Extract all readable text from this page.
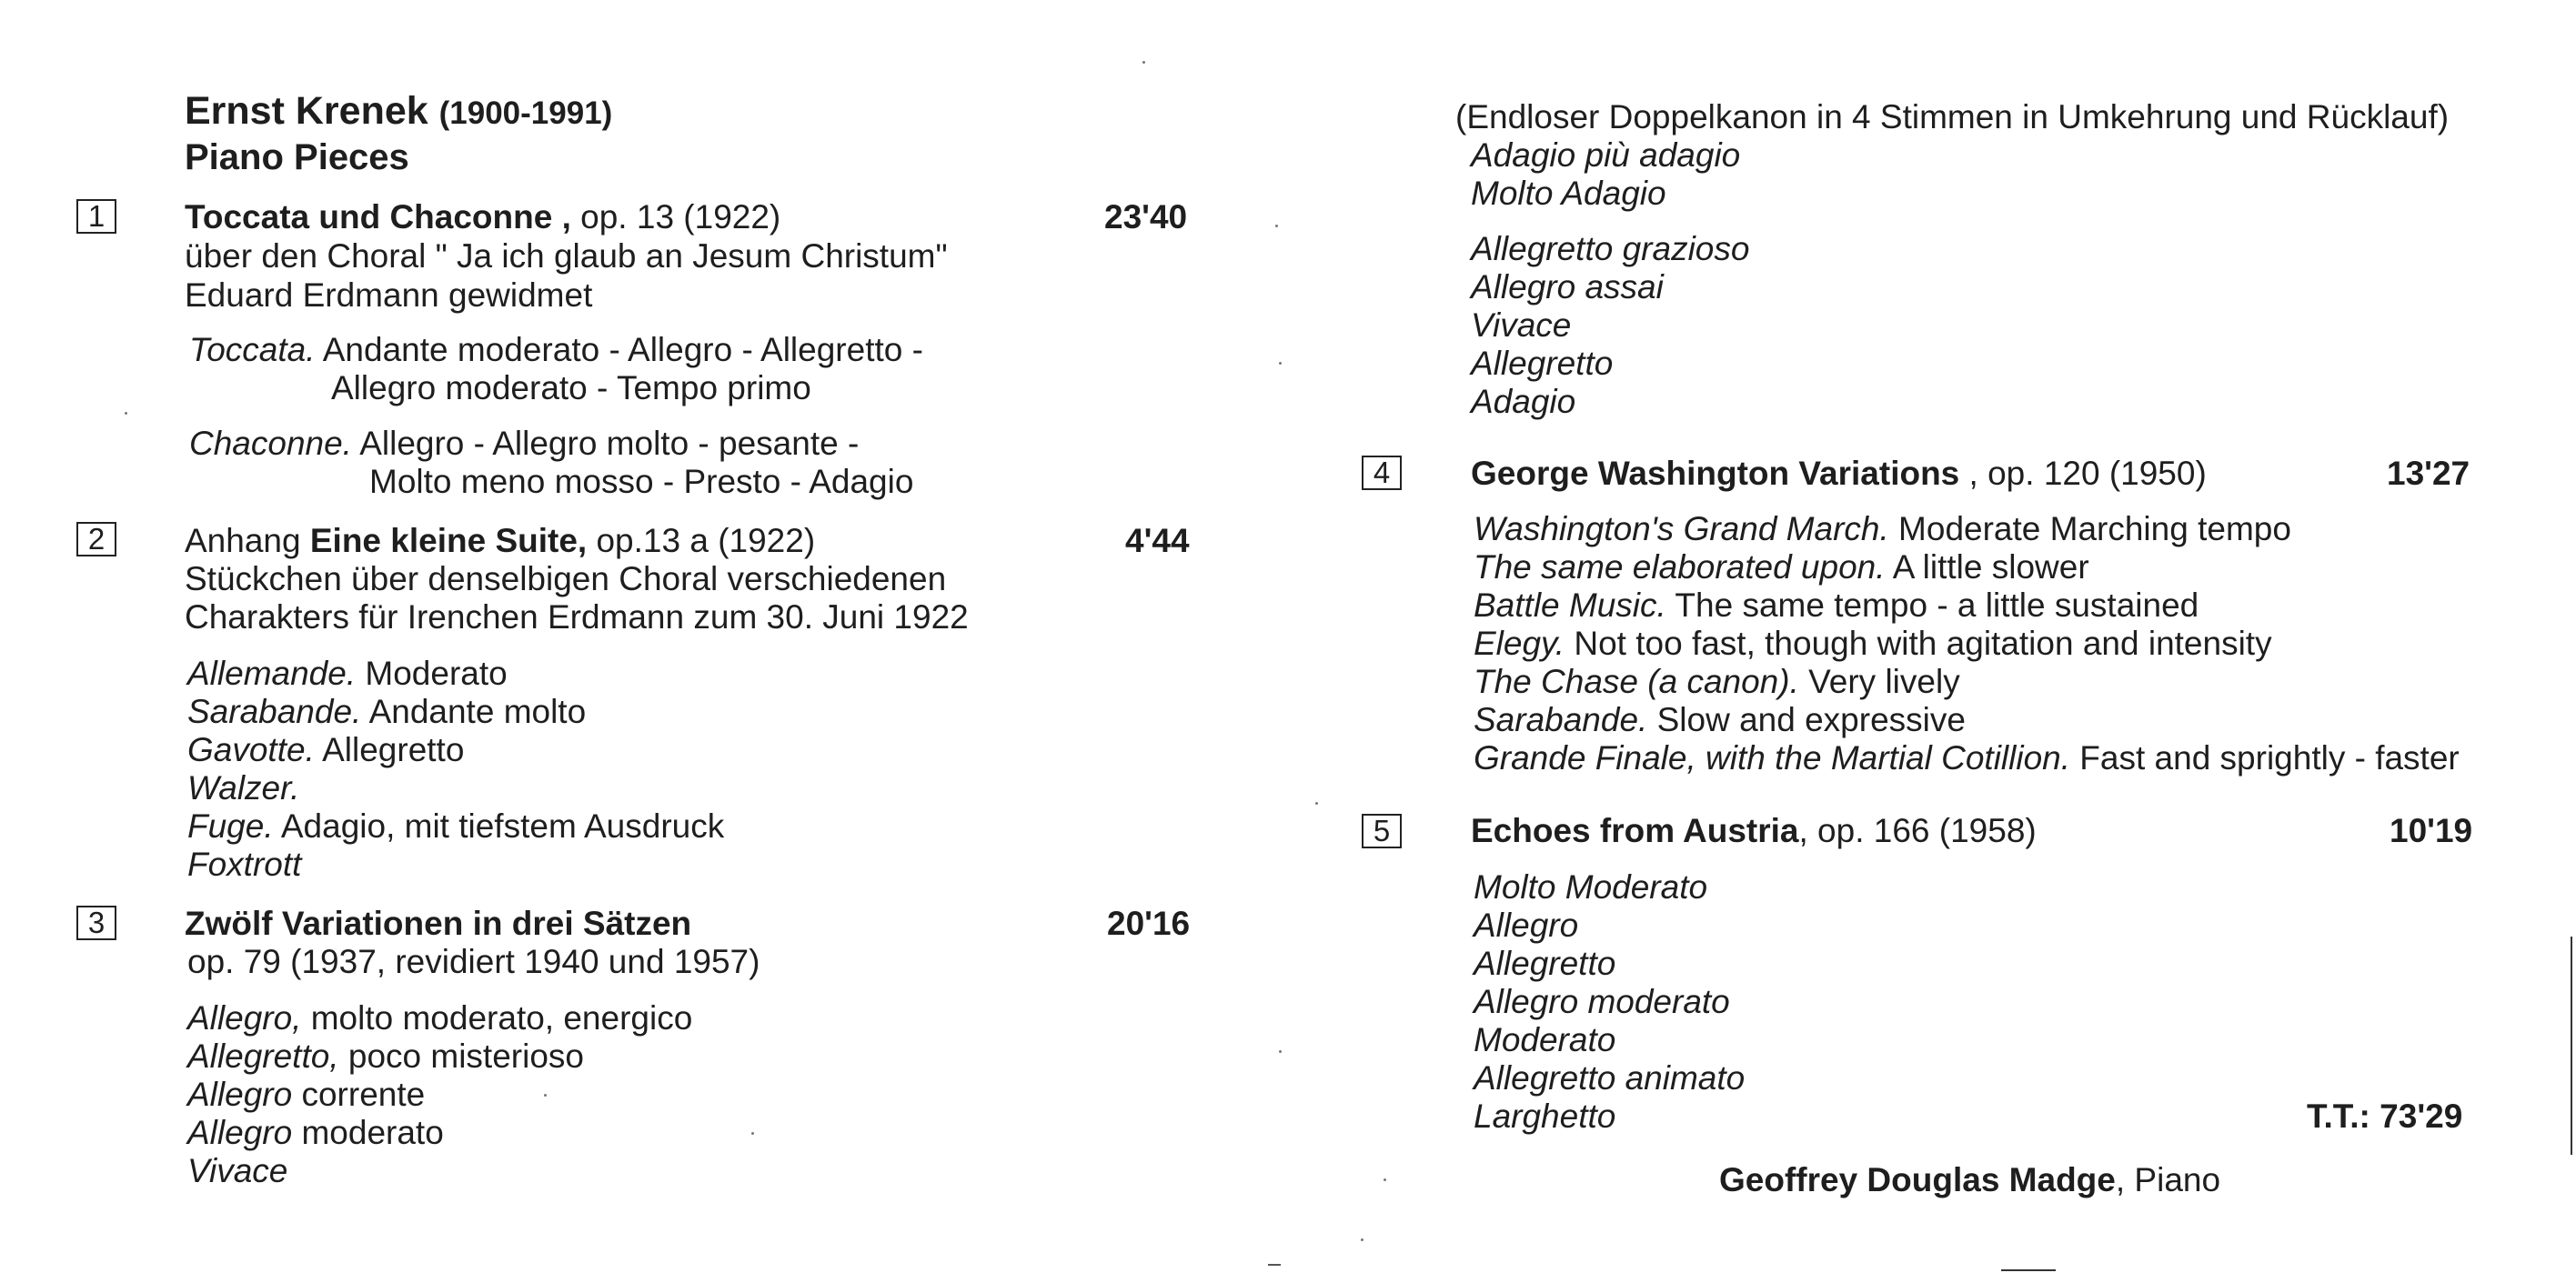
Ernst Krenek (1900-1991)
Piano Pieces
1	Toccata und Chaconne , op. 13 (1922)	23'40
über den Choral " Ja ich glaub an Jesum Christum"
Eduard Erdmann gewidmet
Toccata. Andante moderato - Allegro - Allegretto -
Allegro moderato - Tempo primo
Chaconne. Allegro - Allegro molto - pesante -
Molto meno mosso - Presto - Adagio
2	Anhang Eine kleine Suite, op.13 a (1922)	4'44
Stückchen über denselbigen Choral verschiedenen
Charakters für Irenchen Erdmann zum 30. Juni 1922
Allemande. Moderato
Sarabande. Andante molto
Gavotte. Allegretto
Walzer.
Fuge. Adagio, mit tiefstem Ausdruck
Foxtrott
3	Zwölf Variationen in drei Sätzen	20'16
op. 79 (1937, revidiert 1940 und 1957)
Allegro, molto moderato, energico
Allegretto, poco misterioso
Allegro corrente
Allegro moderato
Vivace
(Endloser Doppelkanon in 4 Stimmen in Umkehrung und Rücklauf)
Adagio più adagio
Molto Adagio
Allegretto grazioso
Allegro assai
Vivace
Allegretto
Adagio
4	George Washington Variations , op. 120 (1950)	13'27
Washington's Grand March. Moderate Marching tempo
The same elaborated upon. A little slower
Battle Music. The same tempo - a little sustained
Elegy. Not too fast, though with agitation and intensity
The Chase (a canon). Very lively
Sarabande. Slow and expressive
Grande Finale, with the Martial Cotillion. Fast and sprightly - faster
5	Echoes from Austria, op. 166 (1958)	10'19
Molto Moderato
Allegro
Allegretto
Allegro moderato
Moderato
Allegretto animato
Larghetto	T.T.: 73'29
Geoffrey Douglas Madge, Piano
